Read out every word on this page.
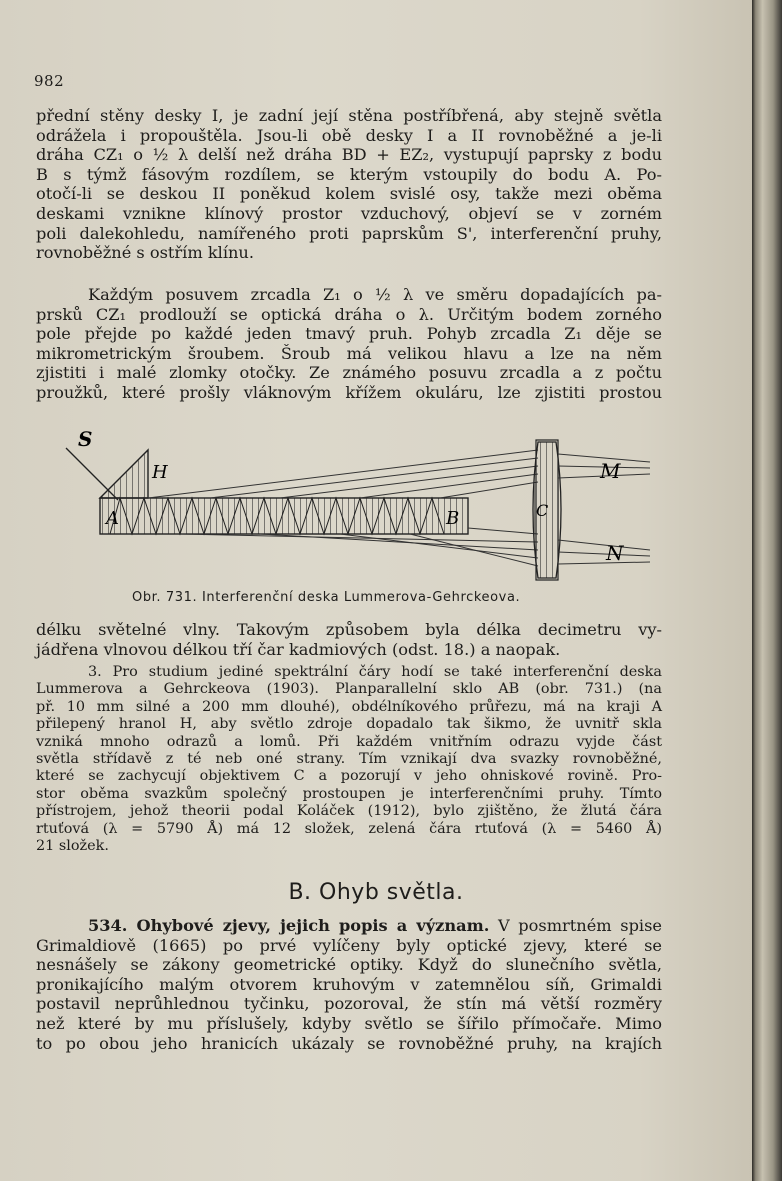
982
přední stěny desky I, je zadní její stěna postříbřená, aby stejně světla
odrážela i propouštěla. Jsou-li obě desky I a II rovnoběžné a je-li
dráha CZ₁ o ½ λ delší než dráha BD + EZ₂, vystupují paprsky z bodu
B s týmž fásovým rozdílem, se kterým vstoupily do bodu A. Po-
otočí-li se deskou II poněkud kolem svislé osy, takže mezi oběma
deskami vznikne klínový prostor vzduchový, objeví se v zorném
poli dalekohledu, namířeného proti paprskům S', interferenční pruhy,
rovnoběžné s ostřím klínu.
Každým posuvem zrcadla Z₁ o ½ λ ve směru dopadajících pa-
prsků CZ₁ prodlouží se optická dráha o λ. Určitým bodem zorného
pole přejde po každé jeden tmavý pruh. Pohyb zrcadla Z₁ děje se
mikrometrickým šroubem. Šroub má velikou hlavu a lze na něm
zjistiti i malé zlomky otočky. Ze známého posuvu zrcadla a z počtu
proužků, které prošly vláknovým křížem okuláru, lze zjistiti prostou
S
H
A	B	C
M
N
Obr. 731. Interferenční deska Lummerova-Gehrckeova.
délku světelné vlny. Takovým způsobem byla délka decimetru vy-
jádřena vlnovou délkou tří čar kadmiových (odst. 18.) a naopak.
3. Pro studium jediné spektrální čáry hodí se také interferenční deska
Lummerova a Gehrckeova (1903). Planparallelní sklo AB (obr. 731.) (na
př. 10 mm silné a 200 mm dlouhé), obdélníkového průřezu, má na kraji A
přilepený hranol H, aby světlo zdroje dopadalo tak šikmo, že uvnitř skla
vzniká mnoho odrazů a lomů. Při každém vnitřním odrazu vyjde část
světla střídavě z té neb oné strany. Tím vznikají dva svazky rovnoběžné,
které se zachycují objektivem C a pozorují v jeho ohniskové rovině. Pro-
stor oběma svazkům společný prostoupen je interferenčními pruhy. Tímto
přístrojem, jehož theorii podal Koláček (1912), bylo zjištěno, že žlutá čára
rtuťová (λ = 5790 Å) má 12 složek, zelená čára rtuťová (λ = 5460 Å)
21 složek.
B. Ohyb světla.
534. Ohybové zjevy, jejich popis a význam. V posmrtném spise
Grimaldiově (1665) po prvé vylíčeny byly optické zjevy, které se
nesnášely se zákony geometrické optiky. Když do slunečního světla,
pronikajícího malým otvorem kruhovým v zatemnělou síň, Grimaldi
postavil neprůhlednou tyčinku, pozoroval, že stín má větší rozměry
než které by mu příslušely, kdyby světlo se šířilo přímočaře. Mimo
to po obou jeho hranicích ukázaly se rovnoběžné pruhy, na krajích
